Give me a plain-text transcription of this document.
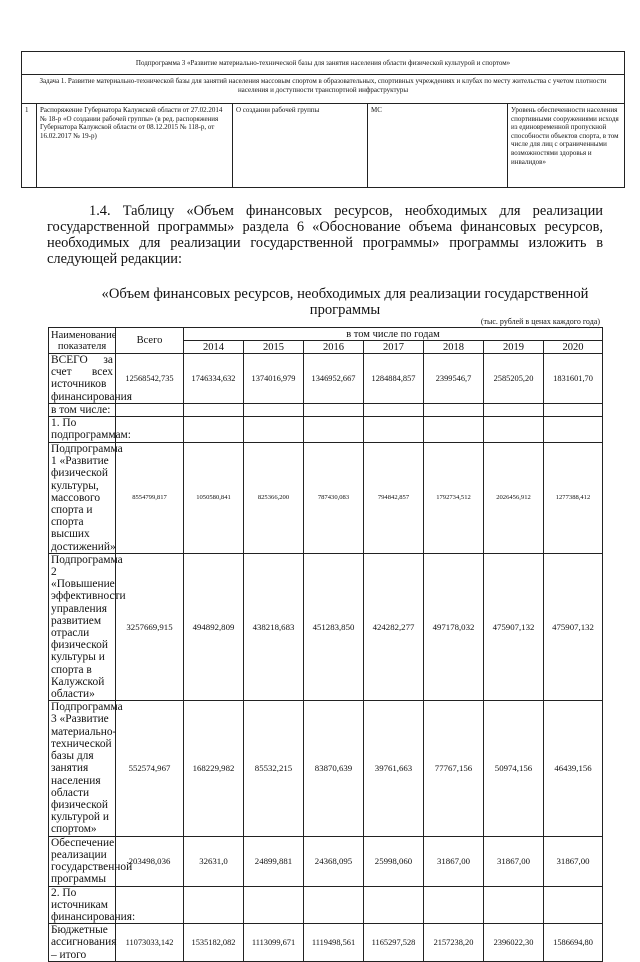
Подпрограмма 3 «Развитие материально-технической базы для занятия населения области физической культурой и спортом»
Задача 1. Развитие материально-технической базы для занятий населения массовым спортом в образовательных, спортивных учреждениях и клубах по месту жительства с учетом плотности населения и доступности транспортной инфраструктуры
1	Распоряжение Губернатора Калужской области от 27.02.2014 № 18-р «О создании рабочей группы» (в ред. распоряжения Губернатора Калужской области от 08.12.2015 № 118-р, от 16.02.2017 № 19-р)	О создании рабочей группы	МС	Уровень обеспеченности населения спортивными сооружениями исходя из единовременной пропускной способности объектов спорта, в том числе для лиц с ограниченными возможностями здоровья и инвалидов»
1.4. Таблицу «Объем финансовых ресурсов, необходимых для реализации
государственной программы» раздела 6 «Обоснование объема финансовых ресурсов,
необходимых для реализации государственной программы» программы изложить в
следующей редакции:
«Объем финансовых ресурсов, необходимых для реализации государственной
программы
(тыс. рублей в ценах каждого года)
Наименование показателя	Всего	в том числе по годам						
		2014	2015	2016	2017	2018	2019	2020
ВСЕГО за счет всех источников финансирования	12568542,735	1746334,632	1374016,979	1346952,667	1284884,857	2399546,7	2585205,20	1831601,70
в том числе:								
1. По подпрограммам:								
Подпрограмма 1 «Развитие физической культуры, массового спорта и спорта высших достижений»	8554799,817	1050580,841	825366,200	787430,083	794842,857	1792734,512	2026456,912	1277388,412
Подпрограмма 2 «Повышение эффективности управления развитием отрасли физической культуры и спорта в Калужской области»	3257669,915	494892,809	438218,683	451283,850	424282,277	497178,032	475907,132	475907,132
Подпрограмма 3 «Развитие материально-технической базы для занятия населения области физической культурой и спортом»	552574,967	168229,982	85532,215	83870,639	39761,663	77767,156	50974,156	46439,156
Обеспечение реализации государственной программы	203498,036	32631,0	24899,881	24368,095	25998,060	31867,00	31867,00	31867,00
2. По источникам финансирования:								
Бюджетные ассигнования – итого	11073033,142	1535182,082	1113099,671	1119498,561	1165297,528	2157238,20	2396022,30	1586694,80
